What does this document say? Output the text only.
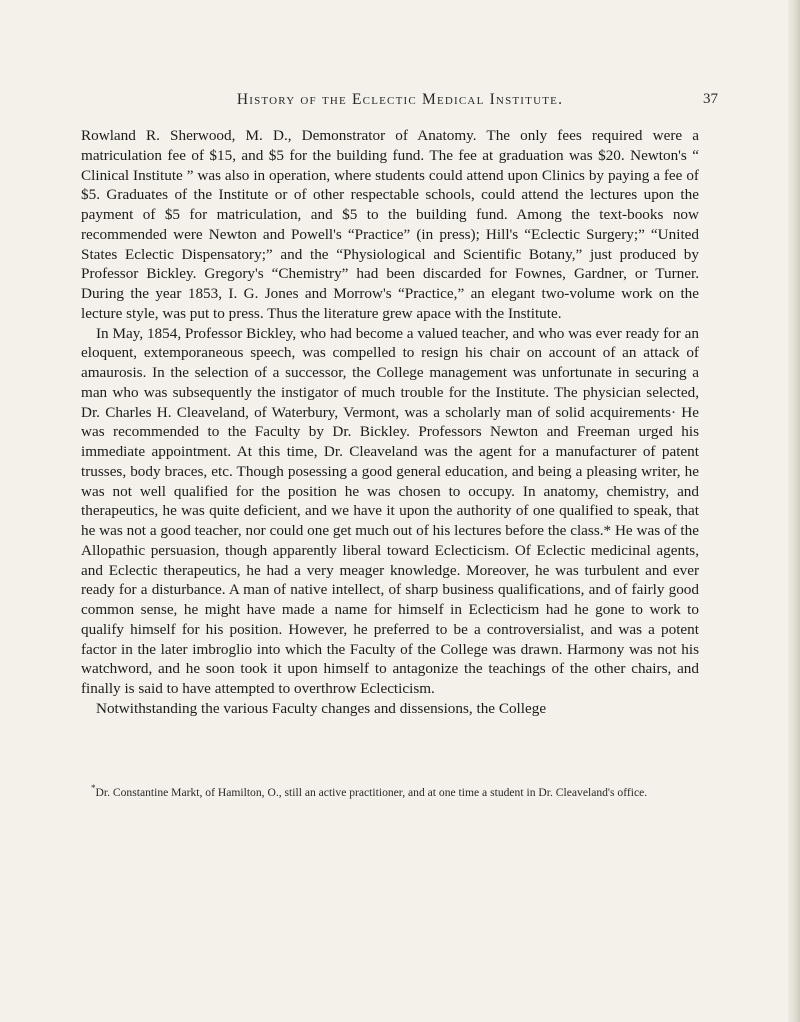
History of the Eclectic Medical Institute.	37

Rowland R. Sherwood, M. D., Demonstrator of Anatomy. The only fees required were a matriculation fee of $15, and $5 for the building fund. The fee at graduation was $20. Newton's “ Clinical Institute ” was also in operation, where students could attend upon Clinics by paying a fee of $5. Graduates of the Institute or of other respectable schools, could attend the lectures upon the payment of $5 for matriculation, and $5 to the building fund. Among the text-books now recommended were Newton and Powell's “Practice” (in press); Hill's “Eclectic Surgery;” “United States Eclectic Dispensatory;” and the “Physiological and Scientific Botany,” just produced by Professor Bickley. Gregory's “Chemistry” had been discarded for Fownes, Gardner, or Turner. During the year 1853, I. G. Jones and Morrow's “Practice,” an elegant two-volume work on the lecture style, was put to press. Thus the literature grew apace with the Institute.

In May, 1854, Professor Bickley, who had become a valued teacher, and who was ever ready for an eloquent, extemporaneous speech, was compelled to resign his chair on account of an attack of amaurosis. In the selection of a successor, the College management was unfortunate in securing a man who was subsequently the instigator of much trouble for the Institute. The physician selected, Dr. Charles H. Cleaveland, of Waterbury, Vermont, was a scholarly man of solid acquirements· He was recommended to the Faculty by Dr. Bickley. Professors Newton and Freeman urged his immediate appointment. At this time, Dr. Cleaveland was the agent for a manufacturer of patent trusses, body braces, etc. Though posessing a good general education, and being a pleasing writer, he was not well qualified for the position he was chosen to occupy. In anatomy, chemistry, and therapeutics, he was quite deficient, and we have it upon the authority of one qualified to speak, that he was not a good teacher, nor could one get much out of his lectures before the class.* He was of the Allopathic persuasion, though apparently liberal toward Eclecticism. Of Eclectic medicinal agents, and Eclectic therapeutics, he had a very meager knowledge. Moreover, he was turbulent and ever ready for a disturbance. A man of native intellect, of sharp business qualifications, and of fairly good common sense, he might have made a name for himself in Eclecticism had he gone to work to qualify himself for his position. However, he preferred to be a controversialist, and was a potent factor in the later imbroglio into which the Faculty of the College was drawn. Harmony was not his watchword, and he soon took it upon himself to antagonize the teachings of the other chairs, and finally is said to have attempted to overthrow Eclecticism.

Notwithstanding the various Faculty changes and dissensions, the College

*Dr. Constantine Markt, of Hamilton, O., still an active practitioner, and at one time a student in Dr. Cleaveland's office.
